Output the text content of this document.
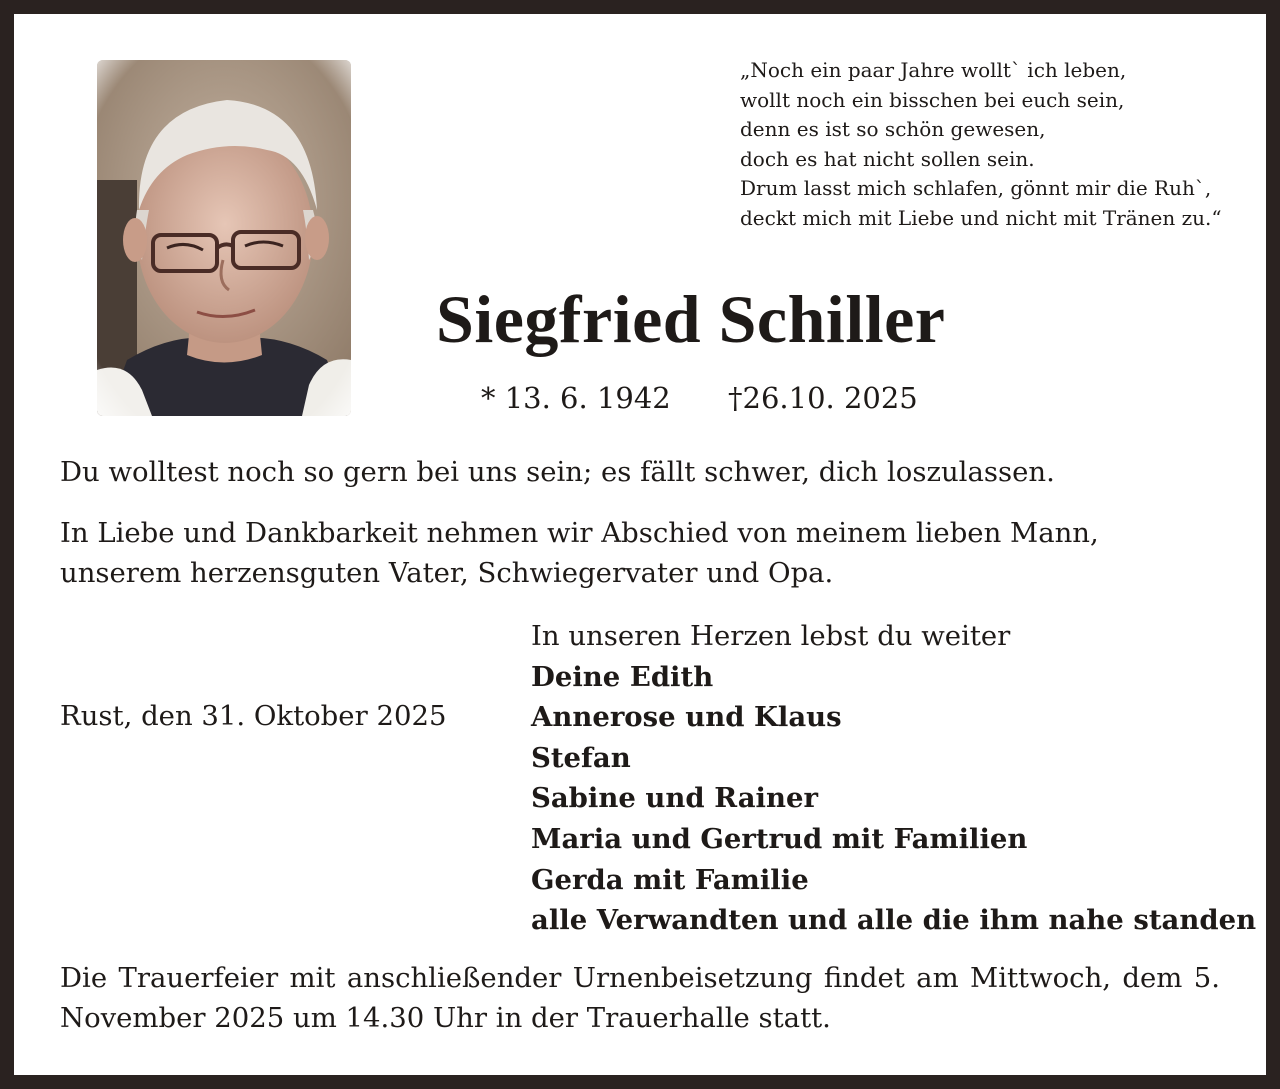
„Noch ein paar Jahre wollt` ich leben,
wollt noch ein bisschen bei euch sein,
denn es ist so schön gewesen,
doch es hat nicht sollen sein.
Drum lasst mich schlafen, gönnt mir die Ruh`,
deckt mich mit Liebe und nicht mit Tränen zu.“
Siegfried Schiller
* 13. 6. 1942 †26.10. 2025

Du wolltest noch so gern bei uns sein; es fällt schwer, dich loszulassen.

In Liebe und Dankbarkeit nehmen wir Abschied von meinem lieben Mann, unserem herzensguten Vater, Schwiegervater und Opa.

Rust, den 31. Oktober 2025
In unseren Herzen lebst du weiter
Deine Edith
Annerose und Klaus
Stefan
Sabine und Rainer
Maria und Gertrud mit Familien
Gerda mit Familie
alle Verwandten und alle die ihm nahe standen

Die Trauerfeier mit anschließender Urnenbeisetzung findet am Mittwoch, dem 5. November 2025 um 14.30 Uhr in der Trauerhalle statt.
